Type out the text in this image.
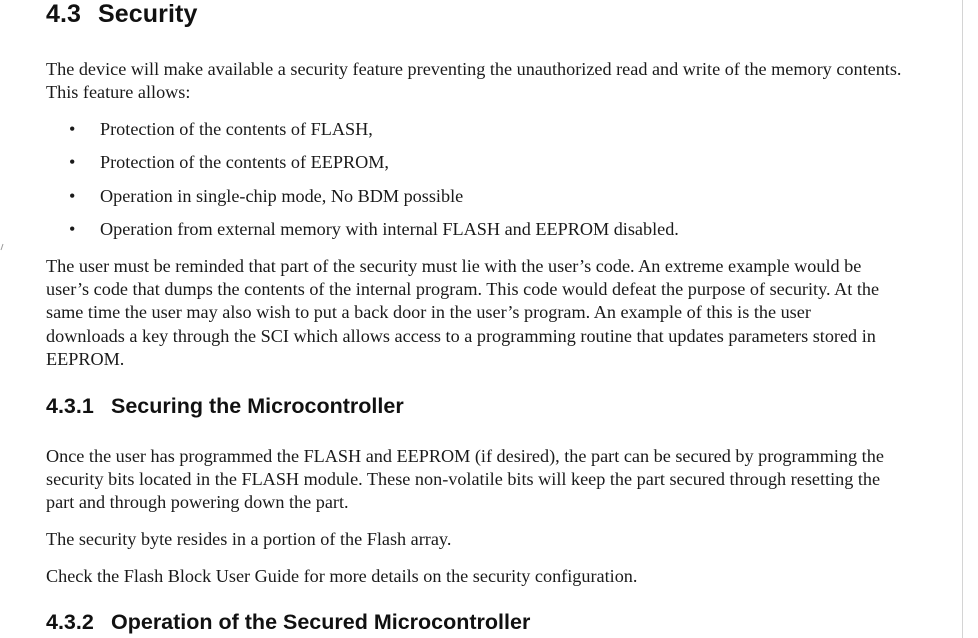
4.3 Security

The device will make available a security feature preventing the unauthorized read and write of the memory contents. This feature allows:

• Protection of the contents of FLASH,
• Protection of the contents of EEPROM,
• Operation in single-chip mode, No BDM possible
• Operation from external memory with internal FLASH and EEPROM disabled.

The user must be reminded that part of the security must lie with the user’s code. An extreme example would be user’s code that dumps the contents of the internal program. This code would defeat the purpose of security. At the same time the user may also wish to put a back door in the user’s program. An example of this is the user downloads a key through the SCI which allows access to a programming routine that updates parameters stored in EEPROM.

4.3.1 Securing the Microcontroller

Once the user has programmed the FLASH and EEPROM (if desired), the part can be secured by programming the security bits located in the FLASH module. These non-volatile bits will keep the part secured through resetting the part and through powering down the part.

The security byte resides in a portion of the Flash array.

Check the Flash Block User Guide for more details on the security configuration.

4.3.2 Operation of the Secured Microcontroller
